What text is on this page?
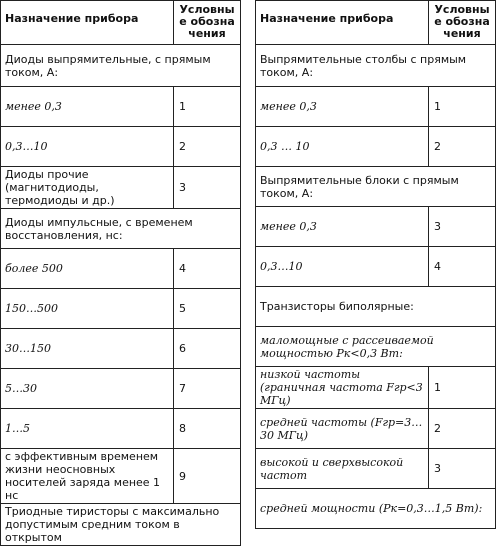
Назначение прибора	Условные обозначения
Диоды выпрямительные, с прямым током, А:	
менее 0,3	1
0,3…10	2
Диоды прочие (магнитодиоды, термодиоды и др.)	3
Диоды импульсные, с временем восстановления, нс:	
более 500	4
150…500	5
30…150	6
5…30	7
1…5	8
с эффективным временем жизни неосновных носителей заряда менее 1 нс	9
Триодные тиристоры с максимально допустимым средним током в открытом	
Назначение прибора	Условные обозначения
Выпрямительные столбы с прямым током, А:	
менее 0,3	1
0,3 … 10	2
Выпрямительные блоки с прямым током, А:	
менее 0,3	3
0,3…10	4
Транзисторы биполярные:	
маломощные с рассеиваемой мощностью Pк<0,3 Вт:	
низкой частоты (граничная частота Fгр<3 МГц)	1
средней частоты (Fгр=3…30 МГц)	2
высокой и сверхвысокой частот	3
средней мощности (Pк=0,3…1,5 Вт):	
